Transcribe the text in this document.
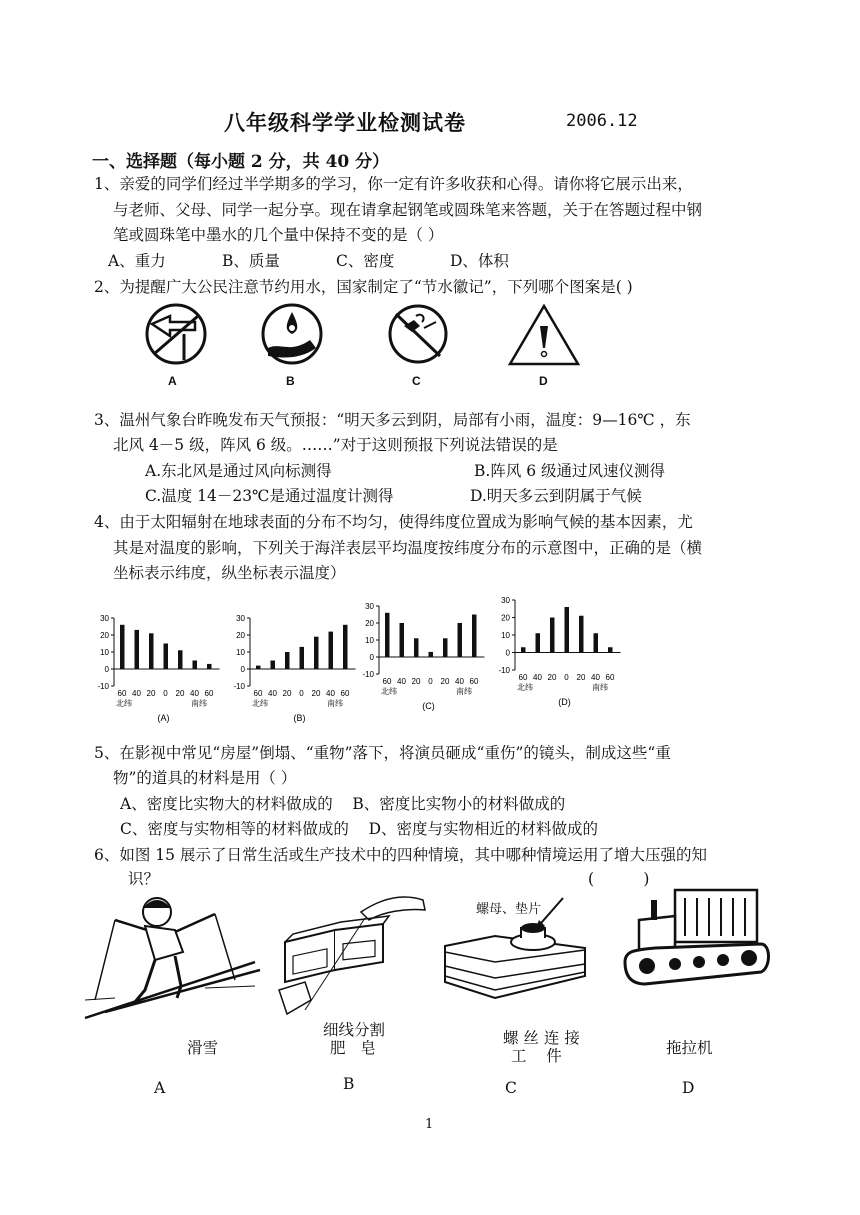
八年级科学学业检测试卷	2006.12
一、选择题（每小题 2 分，共 40 分）
1、亲爱的同学们经过半学期多的学习，你一定有许多收获和心得。请你将它展示出来，
与老师、父母、同学一起分享。现在请拿起钢笔或圆珠笔来答题，关于在答题过程中钢
笔或圆珠笔中墨水的几个量中保持不变的是（ ）
A、重力	B、质量	C、密度	D、体积
2、为提醒广大公民注意节约用水，国家制定了“节水徽记”，下列哪个图案是( )
A	B	C	D
3、温州气象台昨晚发布天气预报：“明天多云到阴，局部有小雨，温度：9—16℃ ，东
北风 4－5 级，阵风 6 级。……”对于这则预报下列说法错误的是
A.东北风是通过风向标测得	B.阵风 6 级通过风速仪测得
C.温度 14－23℃是通过温度计测得	D.明天多云到阴属于气候
4、由于太阳辐射在地球表面的分布不均匀，使得纬度位置成为影响气候的基本因素，尤
其是对温度的影响，下列关于海洋表层平均温度按纬度分布的示意图中，正确的是（横
坐标表示纬度，纵坐标表示温度）
30
20
10
0
-10
60 40 20 0 20 40 60
北纬	南纬
(A)
30
20
10
0
-10
60 40 20 0 20 40 60
北纬	南纬
(B)
30
20
10
0
-10
60 40 20 0 20 40 60
北纬	南纬
(C)
30
20
10
0
-10
60 40 20 0 20 40 60
北纬	南纬
(D)
5、在影视中常见“房屋”倒塌、“重物”落下，将演员砸成“重伤”的镜头，制成这些“重
物”的道具的材料是用（ ）
A、密度比实物大的材料做成的    B、密度比实物小的材料做成的
C、密度与实物相等的材料做成的    D、密度与实物相近的材料做成的
6、如图 15 展示了日常生活或生产技术中的四种情境，其中哪种情境运用了增大压强的知
识？	(          )
螺母、垫片
滑雪
细线分割
肥   皂
螺 丝 连 接
工    件	拖拉机
A	B	C	D
1
